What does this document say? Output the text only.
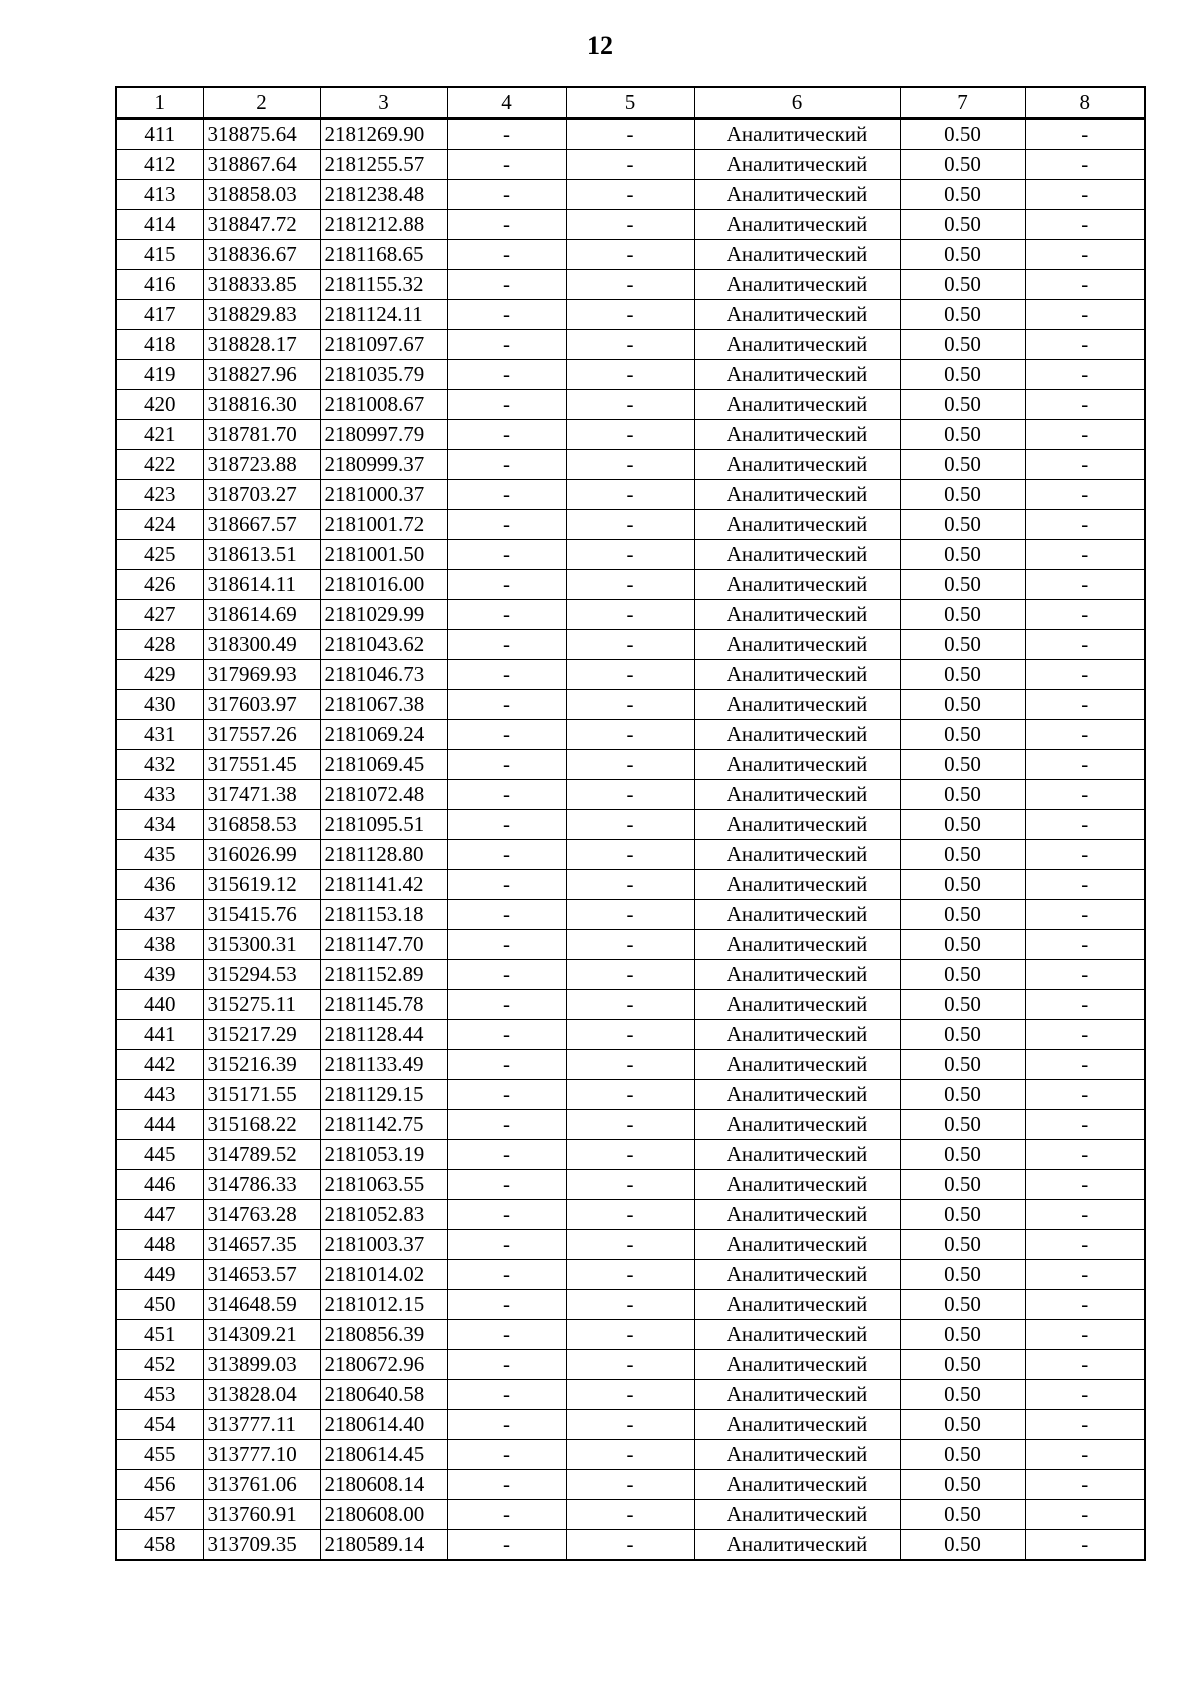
12
1	2	3	4	5	6	7	8
411	318875.64	2181269.90	-	-	Аналитический	0.50	-
412	318867.64	2181255.57	-	-	Аналитический	0.50	-
413	318858.03	2181238.48	-	-	Аналитический	0.50	-
414	318847.72	2181212.88	-	-	Аналитический	0.50	-
415	318836.67	2181168.65	-	-	Аналитический	0.50	-
416	318833.85	2181155.32	-	-	Аналитический	0.50	-
417	318829.83	2181124.11	-	-	Аналитический	0.50	-
418	318828.17	2181097.67	-	-	Аналитический	0.50	-
419	318827.96	2181035.79	-	-	Аналитический	0.50	-
420	318816.30	2181008.67	-	-	Аналитический	0.50	-
421	318781.70	2180997.79	-	-	Аналитический	0.50	-
422	318723.88	2180999.37	-	-	Аналитический	0.50	-
423	318703.27	2181000.37	-	-	Аналитический	0.50	-
424	318667.57	2181001.72	-	-	Аналитический	0.50	-
425	318613.51	2181001.50	-	-	Аналитический	0.50	-
426	318614.11	2181016.00	-	-	Аналитический	0.50	-
427	318614.69	2181029.99	-	-	Аналитический	0.50	-
428	318300.49	2181043.62	-	-	Аналитический	0.50	-
429	317969.93	2181046.73	-	-	Аналитический	0.50	-
430	317603.97	2181067.38	-	-	Аналитический	0.50	-
431	317557.26	2181069.24	-	-	Аналитический	0.50	-
432	317551.45	2181069.45	-	-	Аналитический	0.50	-
433	317471.38	2181072.48	-	-	Аналитический	0.50	-
434	316858.53	2181095.51	-	-	Аналитический	0.50	-
435	316026.99	2181128.80	-	-	Аналитический	0.50	-
436	315619.12	2181141.42	-	-	Аналитический	0.50	-
437	315415.76	2181153.18	-	-	Аналитический	0.50	-
438	315300.31	2181147.70	-	-	Аналитический	0.50	-
439	315294.53	2181152.89	-	-	Аналитический	0.50	-
440	315275.11	2181145.78	-	-	Аналитический	0.50	-
441	315217.29	2181128.44	-	-	Аналитический	0.50	-
442	315216.39	2181133.49	-	-	Аналитический	0.50	-
443	315171.55	2181129.15	-	-	Аналитический	0.50	-
444	315168.22	2181142.75	-	-	Аналитический	0.50	-
445	314789.52	2181053.19	-	-	Аналитический	0.50	-
446	314786.33	2181063.55	-	-	Аналитический	0.50	-
447	314763.28	2181052.83	-	-	Аналитический	0.50	-
448	314657.35	2181003.37	-	-	Аналитический	0.50	-
449	314653.57	2181014.02	-	-	Аналитический	0.50	-
450	314648.59	2181012.15	-	-	Аналитический	0.50	-
451	314309.21	2180856.39	-	-	Аналитический	0.50	-
452	313899.03	2180672.96	-	-	Аналитический	0.50	-
453	313828.04	2180640.58	-	-	Аналитический	0.50	-
454	313777.11	2180614.40	-	-	Аналитический	0.50	-
455	313777.10	2180614.45	-	-	Аналитический	0.50	-
456	313761.06	2180608.14	-	-	Аналитический	0.50	-
457	313760.91	2180608.00	-	-	Аналитический	0.50	-
458	313709.35	2180589.14	-	-	Аналитический	0.50	-
